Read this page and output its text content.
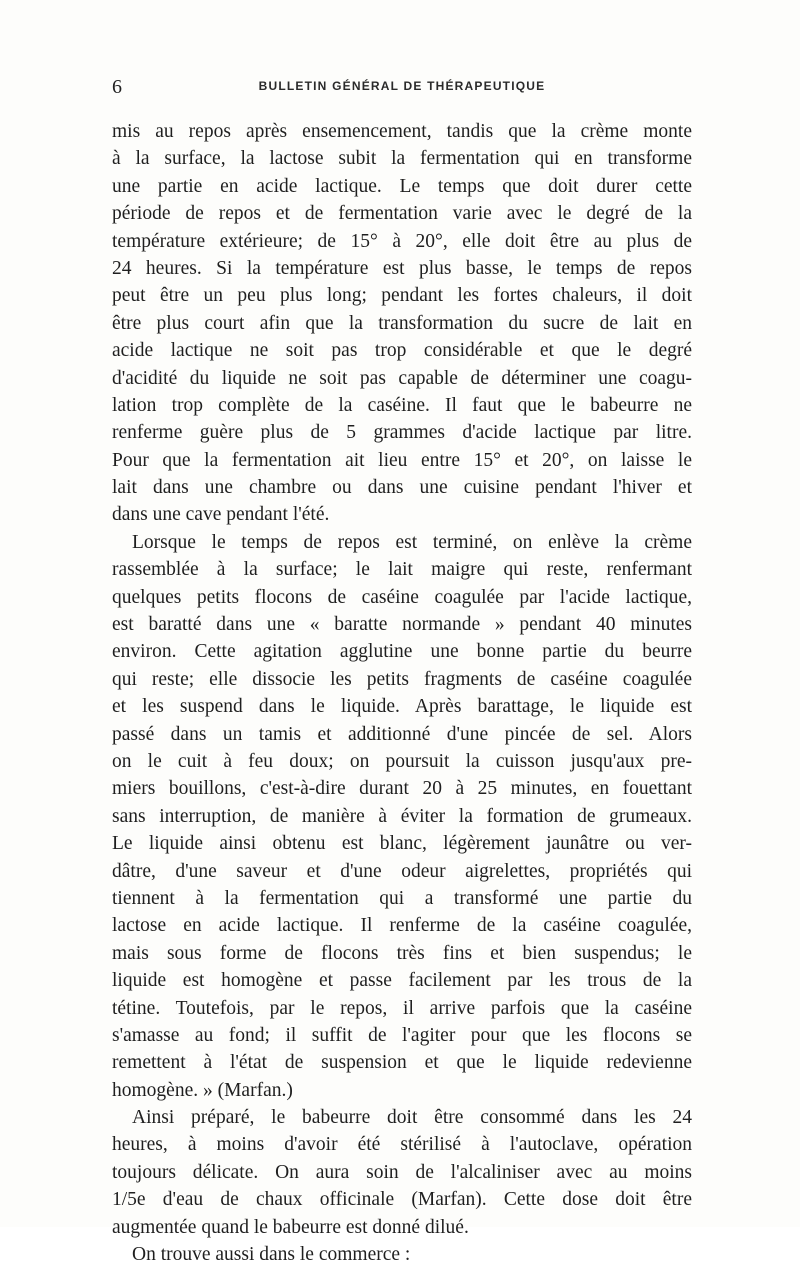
6	BULLETIN GÉNÉRAL DE THÉRAPEUTIQUE
mis au repos après ensemencement, tandis que la crème monte
à la surface, la lactose subit la fermentation qui en transforme
une partie en acide lactique. Le temps que doit durer cette
période de repos et de fermentation varie avec le degré de la
température extérieure; de 15° à 20°, elle doit être au plus de
24 heures. Si la température est plus basse, le temps de repos
peut être un peu plus long; pendant les fortes chaleurs, il doit
être plus court afin que la transformation du sucre de lait en
acide lactique ne soit pas trop considérable et que le degré
d'acidité du liquide ne soit pas capable de déterminer une coagu-
lation trop complète de la caséine. Il faut que le babeurre ne
renferme guère plus de 5 grammes d'acide lactique par litre.
Pour que la fermentation ait lieu entre 15° et 20°, on laisse le
lait dans une chambre ou dans une cuisine pendant l'hiver et
dans une cave pendant l'été.
Lorsque le temps de repos est terminé, on enlève la crème
rassemblée à la surface; le lait maigre qui reste, renfermant
quelques petits flocons de caséine coagulée par l'acide lactique,
est baratté dans une « baratte normande » pendant 40 minutes
environ. Cette agitation agglutine une bonne partie du beurre
qui reste; elle dissocie les petits fragments de caséine coagulée
et les suspend dans le liquide. Après barattage, le liquide est
passé dans un tamis et additionné d'une pincée de sel. Alors
on le cuit à feu doux; on poursuit la cuisson jusqu'aux pre-
miers bouillons, c'est-à-dire durant 20 à 25 minutes, en fouettant
sans interruption, de manière à éviter la formation de grumeaux.
Le liquide ainsi obtenu est blanc, légèrement jaunâtre ou ver-
dâtre, d'une saveur et d'une odeur aigrelettes, propriétés qui
tiennent à la fermentation qui a transformé une partie du
lactose en acide lactique. Il renferme de la caséine coagulée,
mais sous forme de flocons très fins et bien suspendus; le
liquide est homogène et passe facilement par les trous de la
tétine. Toutefois, par le repos, il arrive parfois que la caséine
s'amasse au fond; il suffit de l'agiter pour que les flocons se
remettent à l'état de suspension et que le liquide redevienne
homogène. » (Marfan.)
Ainsi préparé, le babeurre doit être consommé dans les 24
heures, à moins d'avoir été stérilisé à l'autoclave, opération
toujours délicate. On aura soin de l'alcaliniser avec au moins
1/5e d'eau de chaux officinale (Marfan). Cette dose doit être
augmentée quand le babeurre est donné dilué.
On trouve aussi dans le commerce :
